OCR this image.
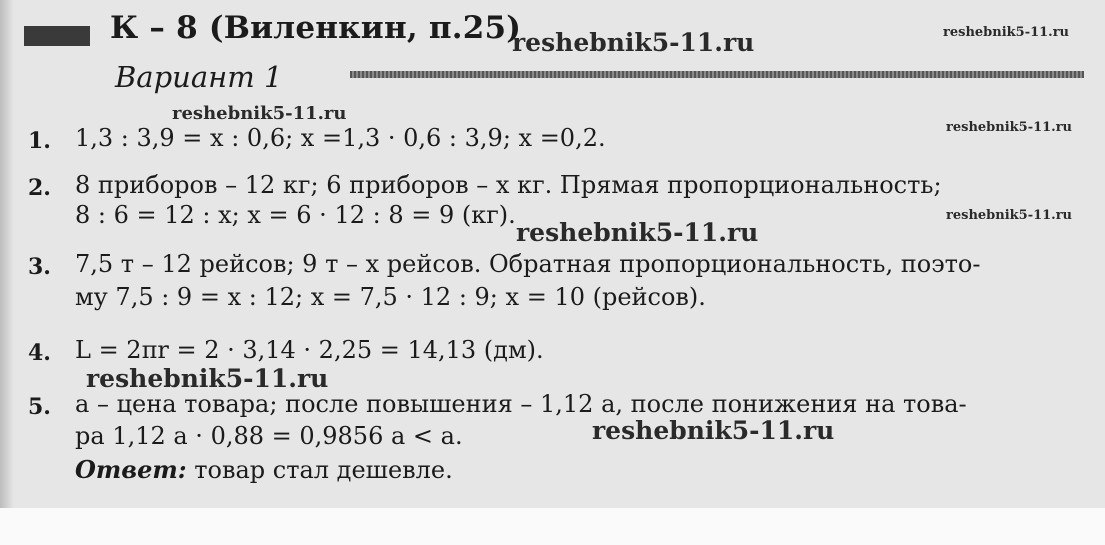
К – 8 (Виленкин, п.25)
Вариант 1
reshebnik5-11.ru	reshebnik5-11.ru
reshebnik5-11.ru
reshebnik5-11.ru
reshebnik5-11.ru
reshebnik5-11.ru
reshebnik5-11.ru
reshebnik5-11.ru
1. 1,3 : 3,9 = x : 0,6; x =1,3 · 0,6 : 3,9; x =0,2.
2. 8 приборов – 12 кг; 6 приборов – x кг. Прямая пропорциональность;
8 : 6 = 12 : x; x = 6 · 12 : 8 = 9 (кг).
3. 7,5 т – 12 рейсов; 9 т – x рейсов. Обратная пропорциональность, поэто-
му 7,5 : 9 = x : 12; x = 7,5 · 12 : 9; x = 10 (рейсов).
4. L = 2πr = 2 · 3,14 · 2,25 = 14,13 (дм).
5. a – цена товара; после повышения – 1,12 a, после понижения на това-
ра 1,12 a · 0,88 = 0,9856 a < a.
Ответ: товар стал дешевле.
